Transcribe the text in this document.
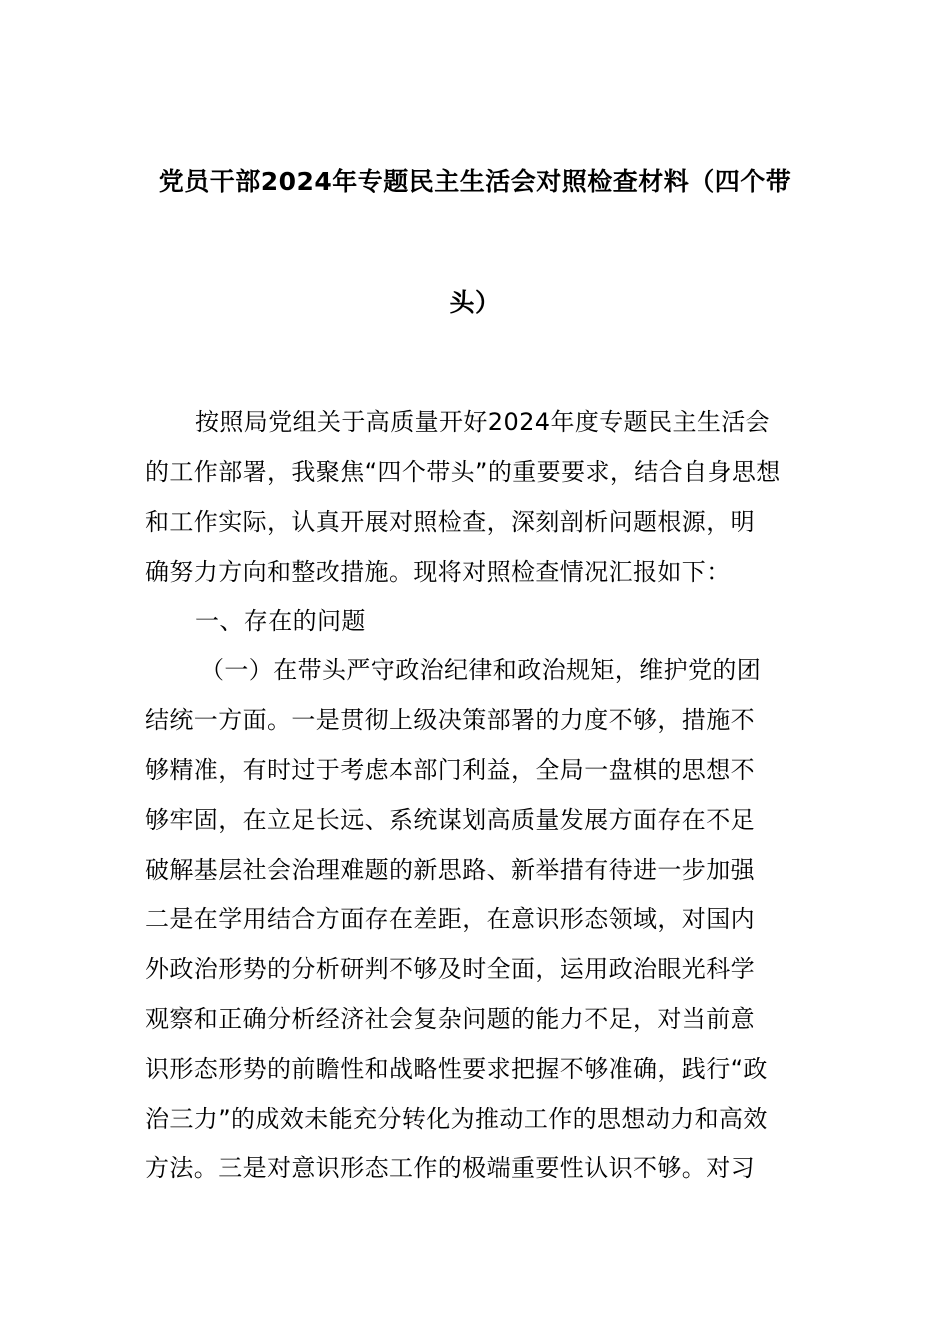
党员干部2024年专题民主生活会对照检查材料（四个带
头）
按照局党组关于高质量开好2024年度专题民主生活会
的工作部署，我聚焦“四个带头”的重要要求，结合自身思想
和工作实际，认真开展对照检查，深刻剖析问题根源，明
确努力方向和整改措施。现将对照检查情况汇报如下：
一、存在的问题
（一）在带头严守政治纪律和政治规矩，维护党的团
结统一方面。一是贯彻上级决策部署的力度不够，措施不
够精准，有时过于考虑本部门利益，全局一盘棋的思想不
够牢固，在立足长远、系统谋划高质量发展方面存在不足
破解基层社会治理难题的新思路、新举措有待进一步加强
二是在学用结合方面存在差距，在意识形态领域，对国内
外政治形势的分析研判不够及时全面，运用政治眼光科学
观察和正确分析经济社会复杂问题的能力不足，对当前意
识形态形势的前瞻性和战略性要求把握不够准确，践行“政
治三力”的成效未能充分转化为推动工作的思想动力和高效
方法。三是对意识形态工作的极端重要性认识不够。对习
